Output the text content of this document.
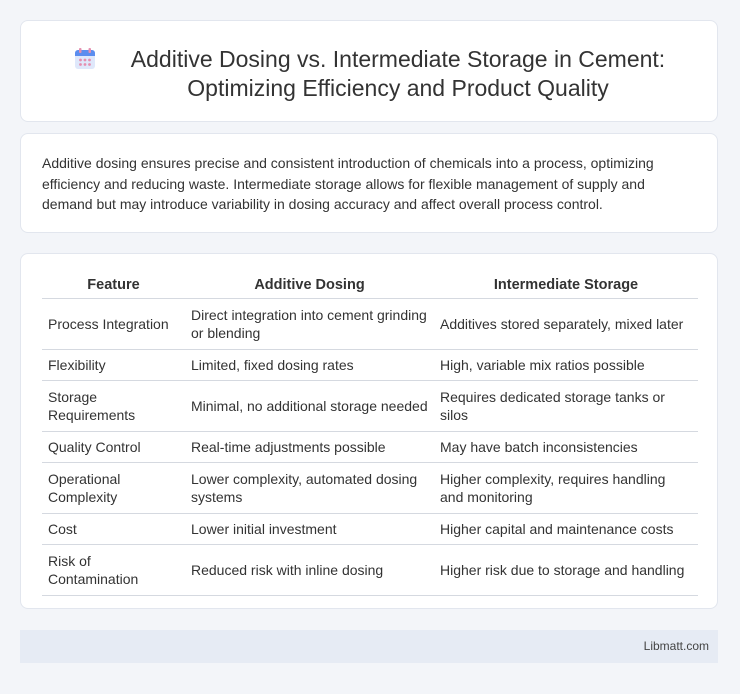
Additive Dosing vs. Intermediate Storage in Cement: Optimizing Efficiency and Product Quality
Additive dosing ensures precise and consistent introduction of chemicals into a process, optimizing efficiency and reducing waste. Intermediate storage allows for flexible management of supply and demand but may introduce variability in dosing accuracy and affect overall process control.
Feature	Additive Dosing	Intermediate Storage
Process Integration	Direct integration into cement grinding or blending	Additives stored separately, mixed later
Flexibility	Limited, fixed dosing rates	High, variable mix ratios possible
Storage Requirements	Minimal, no additional storage needed	Requires dedicated storage tanks or silos
Quality Control	Real-time adjustments possible	May have batch inconsistencies
Operational Complexity	Lower complexity, automated dosing systems	Higher complexity, requires handling and monitoring
Cost	Lower initial investment	Higher capital and maintenance costs
Risk of Contamination	Reduced risk with inline dosing	Higher risk due to storage and handling
Libmatt.com
